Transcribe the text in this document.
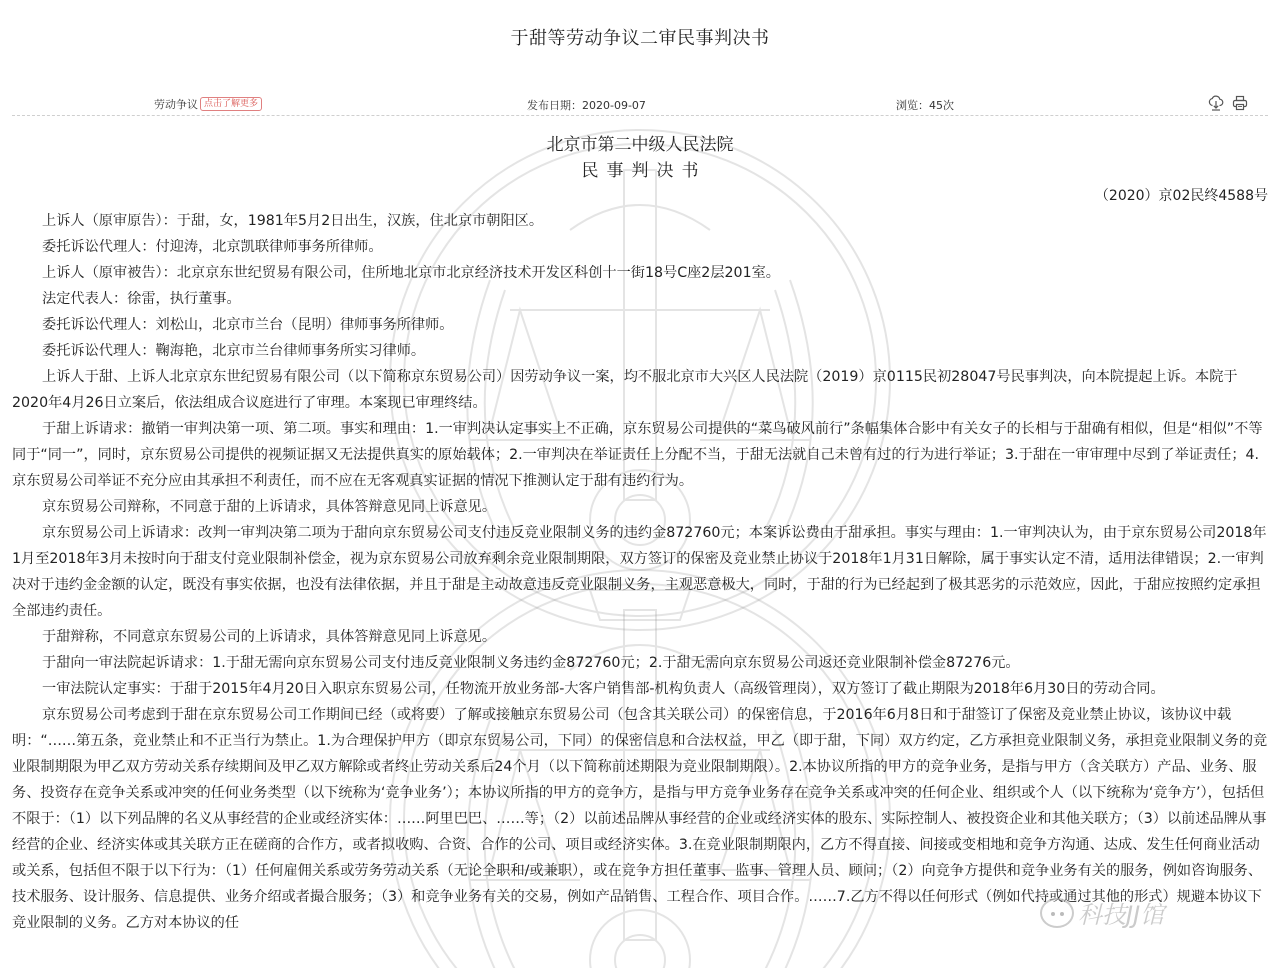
于甜等劳动争议二审民事判决书
劳动争议 点击了解更多	发布日期：2020-09-07	浏览：45次
北京市第二中级人民法院
民事判决书
（2020）京02民终4588号

上诉人（原审原告）：于甜，女，1981年5月2日出生，汉族，住北京市朝阳区。

委托诉讼代理人：付迎涛，北京凯联律师事务所律师。

上诉人（原审被告）：北京京东世纪贸易有限公司，住所地北京市北京经济技术开发区科创十一街18号C座2层201室。

法定代表人：徐雷，执行董事。

委托诉讼代理人：刘松山，北京市兰台（昆明）律师事务所律师。

委托诉讼代理人：鞠海艳，北京市兰台律师事务所实习律师。

上诉人于甜、上诉人北京京东世纪贸易有限公司（以下简称京东贸易公司）因劳动争议一案，均不服北京市大兴区人民法院（2019）京0115民初28047号民事判决，向本院提起上诉。本院于2020年4月26日立案后，依法组成合议庭进行了审理。本案现已审理终结。

于甜上诉请求：撤销一审判决第一项、第二项。事实和理由：1.一审判决认定事实上不正确，京东贸易公司提供的“菜鸟破风前行”条幅集体合影中有关女子的长相与于甜确有相似，但是“相似”不等同于“同一”，同时，京东贸易公司提供的视频证据又无法提供真实的原始载体；2.一审判决在举证责任上分配不当，于甜无法就自己未曾有过的行为进行举证；3.于甜在一审审理中尽到了举证责任；4.京东贸易公司举证不充分应由其承担不利责任，而不应在无客观真实证据的情况下推测认定于甜有违约行为。

京东贸易公司辩称，不同意于甜的上诉请求，具体答辩意见同上诉意见。

京东贸易公司上诉请求：改判一审判决第二项为于甜向京东贸易公司支付违反竞业限制义务的违约金872760元；本案诉讼费由于甜承担。事实与理由：1.一审判决认为，由于京东贸易公司2018年1月至2018年3月未按时向于甜支付竞业限制补偿金，视为京东贸易公司放弃剩余竞业限制期限，双方签订的保密及竞业禁止协议于2018年1月31日解除，属于事实认定不清，适用法律错误；2.一审判决对于违约金金额的认定，既没有事实依据，也没有法律依据，并且于甜是主动故意违反竞业限制义务，主观恶意极大，同时，于甜的行为已经起到了极其恶劣的示范效应，因此，于甜应按照约定承担全部违约责任。

于甜辩称，不同意京东贸易公司的上诉请求，具体答辩意见同上诉意见。

于甜向一审法院起诉请求：1.于甜无需向京东贸易公司支付违反竞业限制义务违约金872760元；2.于甜无需向京东贸易公司返还竞业限制补偿金87276元。

一审法院认定事实：于甜于2015年4月20日入职京东贸易公司，任物流开放业务部-大客户销售部-机构负责人（高级管理岗），双方签订了截止期限为2018年6月30日的劳动合同。

京东贸易公司考虑到于甜在京东贸易公司工作期间已经（或将要）了解或接触京东贸易公司（包含其关联公司）的保密信息，于2016年6月8日和于甜签订了保密及竞业禁止协议，该协议中载明：“……第五条，竞业禁止和不正当行为禁止。1.为合理保护甲方（即京东贸易公司，下同）的保密信息和合法权益，甲乙（即于甜，下同）双方约定，乙方承担竞业限制义务，承担竞业限制义务的竞业限制期限为甲乙双方劳动关系存续期间及甲乙双方解除或者终止劳动关系后24个月（以下简称前述期限为竞业限制期限）。2.本协议所指的甲方的竞争业务，是指与甲方（含关联方）产品、业务、服务、投资存在竞争关系或冲突的任何业务类型（以下统称为‘竞争业务’）；本协议所指的甲方的竞争方，是指与甲方竞争业务存在竞争关系或冲突的任何企业、组织或个人（以下统称为‘竞争方’），包括但不限于：（1）以下列品牌的名义从事经营的企业或经济实体：……阿里巴巴、……等；（2）以前述品牌从事经营的企业或经济实体的股东、实际控制人、被投资企业和其他关联方；（3）以前述品牌从事经营的企业、经济实体或其关联方正在磋商的合作方，或者拟收购、合资、合作的公司、项目或经济实体。3.在竞业限制期限内，乙方不得直接、间接或变相地和竞争方沟通、达成、发生任何商业活动或关系，包括但不限于以下行为：（1）任何雇佣关系或劳务劳动关系（无论全职和/或兼职），或在竞争方担任董事、监事、管理人员、顾问；（2）向竞争方提供和竞争业务有关的服务，例如咨询服务、技术服务、设计服务、信息提供、业务介绍或者撮合服务；（3）和竞争业务有关的交易，例如产品销售、工程合作、项目合作。……7.乙方不得以任何形式（例如代持或通过其他的形式）规避本协议下竞业限制的义务。乙方对本协议的任	科技JJ馆
